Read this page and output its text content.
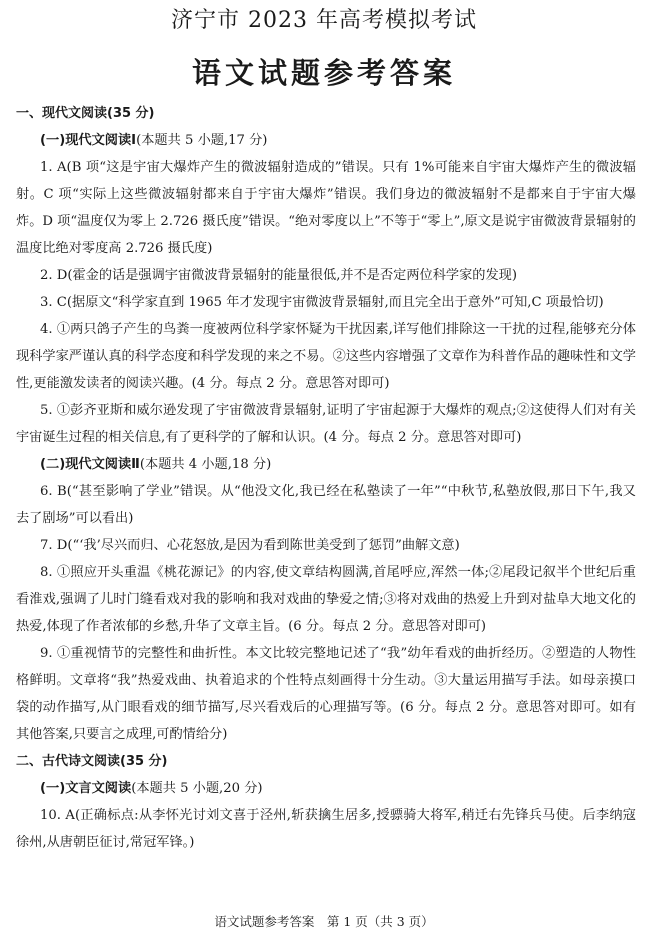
济宁市 2023 年高考模拟考试
语文试题参考答案

一、现代文阅读(35 分)

(一)现代文阅读Ⅰ(本题共 5 小题,17 分)

1. A(B 项“这是宇宙大爆炸产生的微波辐射造成的”错误。只有 1%可能来自宇宙大爆炸产生的微波辐射。C 项“实际上这些微波辐射都来自于宇宙大爆炸”错误。我们身边的微波辐射不是都来自于宇宙大爆炸。D 项“温度仅为零上 2.726 摄氏度”错误。“绝对零度以上”不等于“零上”,原文是说宇宙微波背景辐射的温度比绝对零度高 2.726 摄氏度)

2. D(霍金的话是强调宇宙微波背景辐射的能量很低,并不是否定两位科学家的发现)

3. C(据原文“科学家直到 1965 年才发现宇宙微波背景辐射,而且完全出于意外”可知,C 项最恰切)

4. ①两只鸽子产生的鸟粪一度被两位科学家怀疑为干扰因素,详写他们排除这一干扰的过程,能够充分体现科学家严谨认真的科学态度和科学发现的来之不易。②这些内容增强了文章作为科普作品的趣味性和文学性,更能激发读者的阅读兴趣。(4 分。每点 2 分。意思答对即可)

5. ①彭齐亚斯和威尔逊发现了宇宙微波背景辐射,证明了宇宙起源于大爆炸的观点;②这使得人们对有关宇宙诞生过程的相关信息,有了更科学的了解和认识。(4 分。每点 2 分。意思答对即可)

(二)现代文阅读Ⅱ(本题共 4 小题,18 分)

6. B(“甚至影响了学业”错误。从“他没文化,我已经在私塾读了一年”“中秋节,私塾放假,那日下午,我又去了剧场”可以看出)

7. D(“‘我’尽兴而归、心花怒放,是因为看到陈世美受到了惩罚”曲解文意)

8. ①照应开头重温《桃花源记》的内容,使文章结构圆满,首尾呼应,浑然一体;②尾段记叙半个世纪后重看淮戏,强调了儿时门缝看戏对我的影响和我对戏曲的挚爱之情;③将对戏曲的热爱上升到对盐阜大地文化的热爱,体现了作者浓郁的乡愁,升华了文章主旨。(6 分。每点 2 分。意思答对即可)

9. ①重视情节的完整性和曲折性。本文比较完整地记述了“我”幼年看戏的曲折经历。②塑造的人物性格鲜明。文章将“我”热爱戏曲、执着追求的个性特点刻画得十分生动。③大量运用描写手法。如母亲摸口袋的动作描写,从门眼看戏的细节描写,尽兴看戏后的心理描写等。(6 分。每点 2 分。意思答对即可。如有其他答案,只要言之成理,可酌情给分)

二、古代诗文阅读(35 分)

(一)文言文阅读(本题共 5 小题,20 分)

10. A(正确标点:从李怀光讨刘文喜于泾州,斩获擒生居多,授骠骑大将军,稍迁右先锋兵马使。后李纳寇徐州,从唐朝臣征讨,常冠军锋。)

语文试题参考答案　第 1 页（共 3 页）
